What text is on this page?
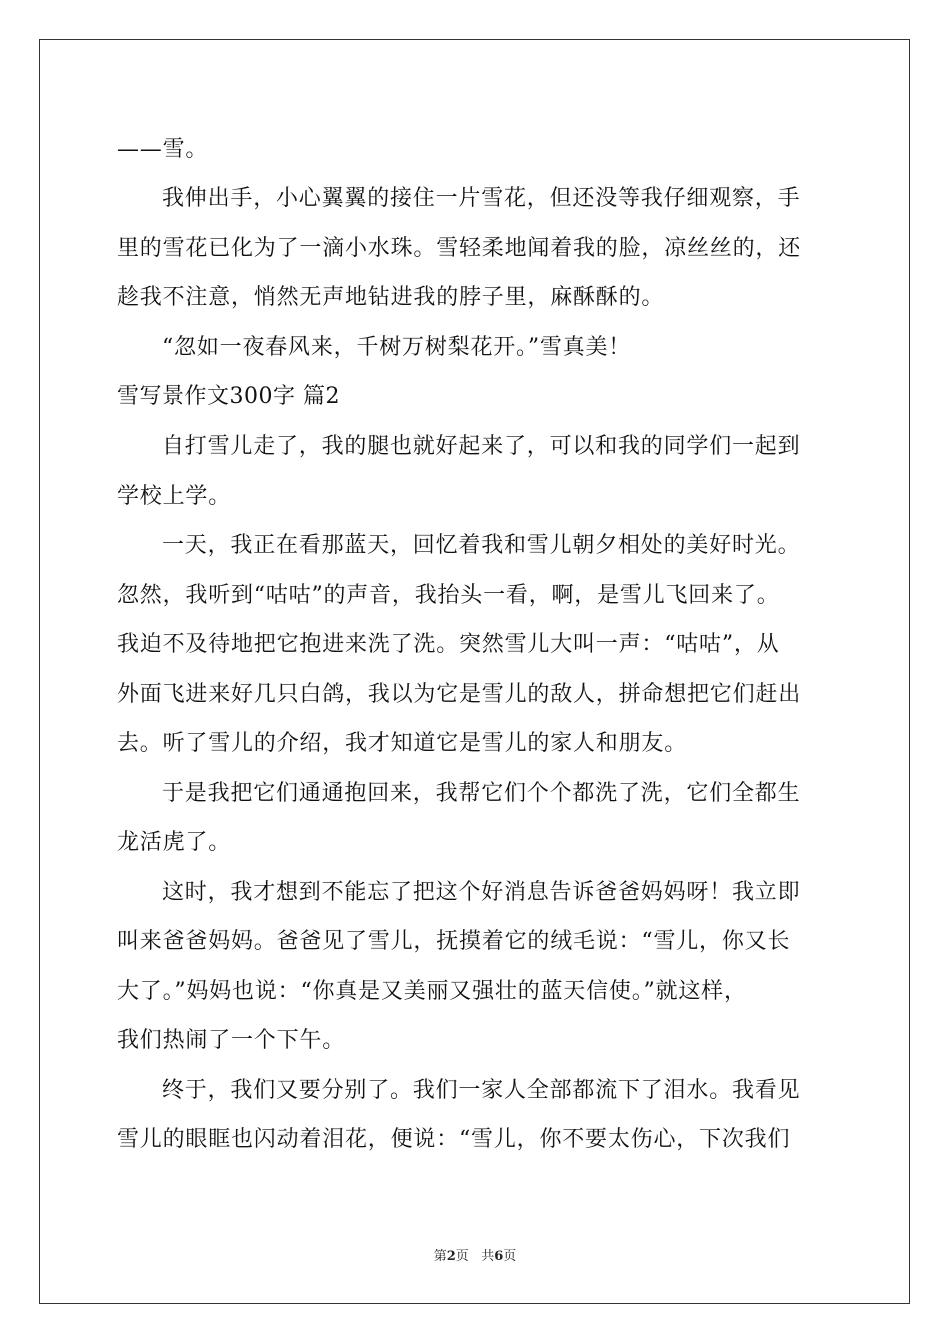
——雪。
我伸出手，小心翼翼的接住一片雪花，但还没等我仔细观察，手
里的雪花已化为了一滴小水珠。雪轻柔地闻着我的脸，凉丝丝的，还
趁我不注意，悄然无声地钻进我的脖子里，麻酥酥的。
“忽如一夜春风来，千树万树梨花开。”雪真美！
雪写景作文300字 篇2
自打雪儿走了，我的腿也就好起来了，可以和我的同学们一起到
学校上学。
一天，我正在看那蓝天，回忆着我和雪儿朝夕相处的美好时光。
忽然，我听到“咕咕”的声音，我抬头一看，啊，是雪儿飞回来了。
我迫不及待地把它抱进来洗了洗。突然雪儿大叫一声：“咕咕”，从
外面飞进来好几只白鸽，我以为它是雪儿的敌人，拼命想把它们赶出
去。听了雪儿的介绍，我才知道它是雪儿的家人和朋友。
于是我把它们通通抱回来，我帮它们个个都洗了洗，它们全都生
龙活虎了。
这时，我才想到不能忘了把这个好消息告诉爸爸妈妈呀！我立即
叫来爸爸妈妈。爸爸见了雪儿，抚摸着它的绒毛说：“雪儿，你又长
大了。”妈妈也说：“你真是又美丽又强壮的蓝天信使。”就这样，
我们热闹了一个下午。
终于，我们又要分别了。我们一家人全部都流下了泪水。我看见
雪儿的眼眶也闪动着泪花，便说：“雪儿，你不要太伤心，下次我们
第2页 共6页
